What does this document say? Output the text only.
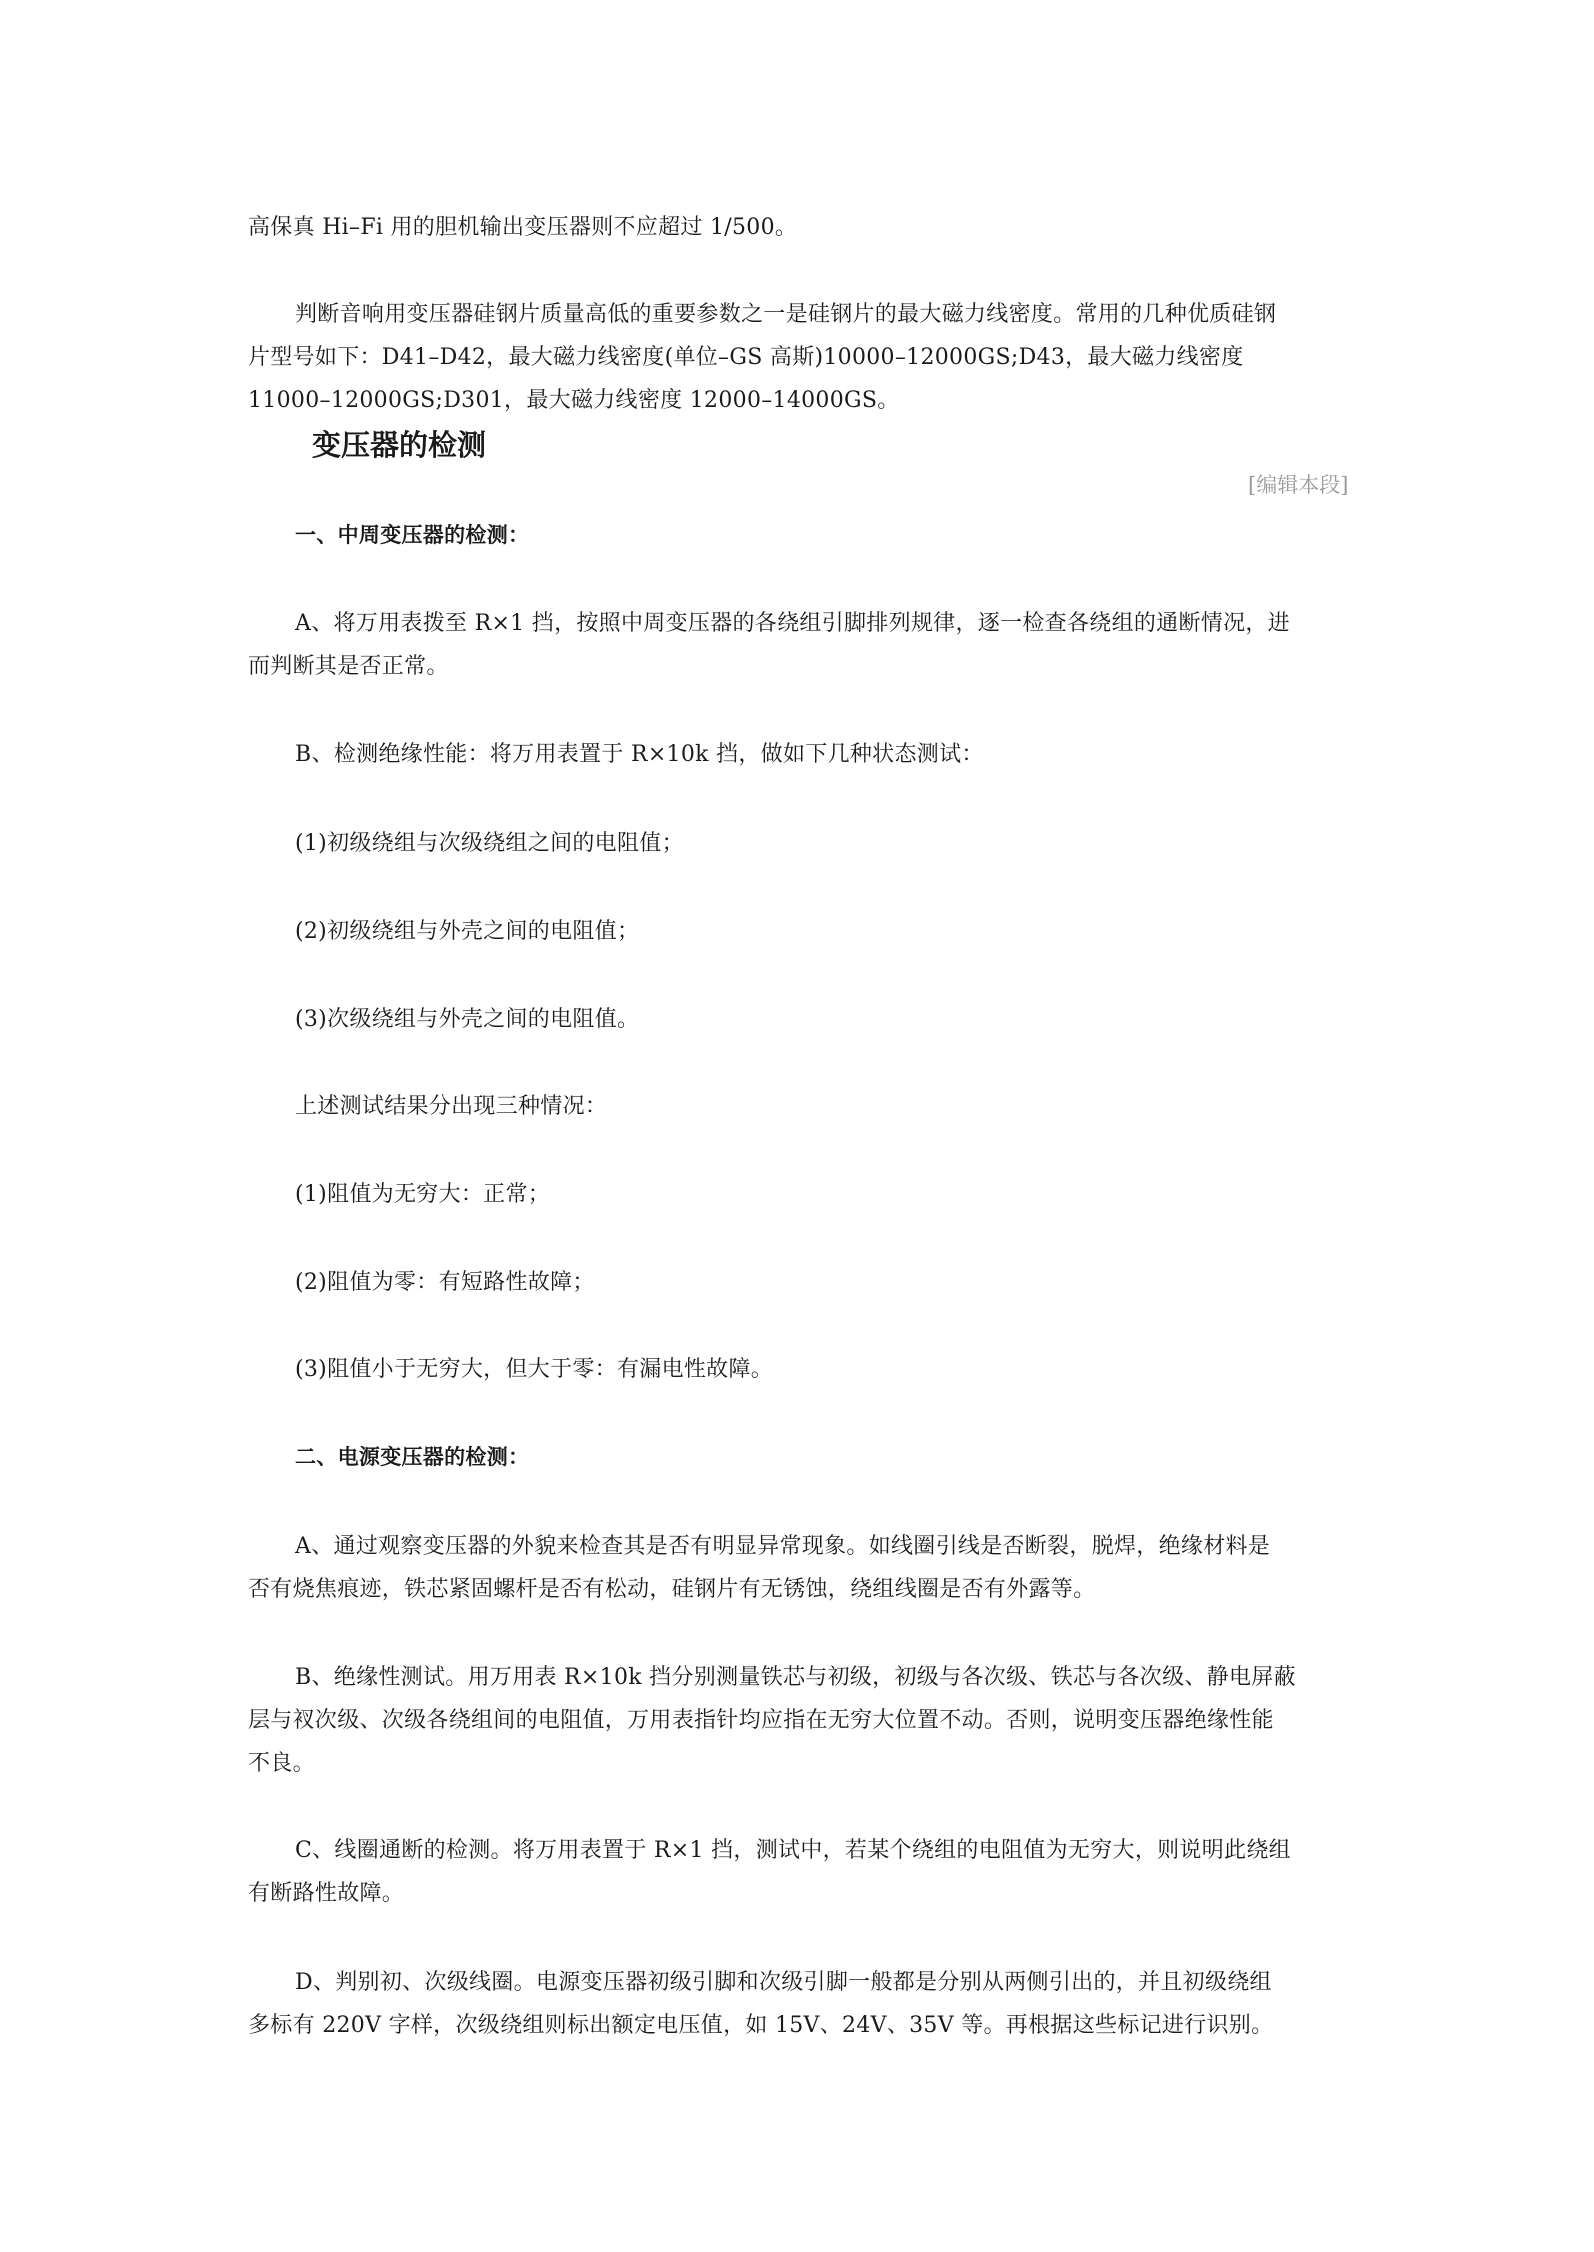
高保真 Hi–Fi 用的胆机输出变压器则不应超过 1/500。
判断音响用变压器硅钢片质量高低的重要参数之一是硅钢片的最大磁力线密度。常用的几种优质硅钢
片型号如下：D41–D42，最大磁力线密度(单位–GS 高斯)10000–12000GS;D43，最大磁力线密度
11000–12000GS;D301，最大磁力线密度 12000–14000GS。
变压器的检测
[编辑本段]
一、中周变压器的检测：
A、将万用表拨至 R×1 挡，按照中周变压器的各绕组引脚排列规律，逐一检查各绕组的通断情况，进
而判断其是否正常。
B、检测绝缘性能：将万用表置于 R×10k 挡，做如下几种状态测试：
(1)初级绕组与次级绕组之间的电阻值；
(2)初级绕组与外壳之间的电阻值；
(3)次级绕组与外壳之间的电阻值。
上述测试结果分出现三种情况：
(1)阻值为无穷大：正常；
(2)阻值为零：有短路性故障；
(3)阻值小于无穷大，但大于零：有漏电性故障。
二、电源变压器的检测：
A、通过观察变压器的外貌来检查其是否有明显异常现象。如线圈引线是否断裂，脱焊，绝缘材料是
否有烧焦痕迹，铁芯紧固螺杆是否有松动，硅钢片有无锈蚀，绕组线圈是否有外露等。
B、绝缘性测试。用万用表 R×10k 挡分别测量铁芯与初级，初级与各次级、铁芯与各次级、静电屏蔽
层与衩次级、次级各绕组间的电阻值，万用表指针均应指在无穷大位置不动。否则，说明变压器绝缘性能
不良。
C、线圈通断的检测。将万用表置于 R×1 挡，测试中，若某个绕组的电阻值为无穷大，则说明此绕组
有断路性故障。
D、判别初、次级线圈。电源变压器初级引脚和次级引脚一般都是分别从两侧引出的，并且初级绕组
多标有 220V 字样，次级绕组则标出额定电压值，如 15V、24V、35V 等。再根据这些标记进行识别。
